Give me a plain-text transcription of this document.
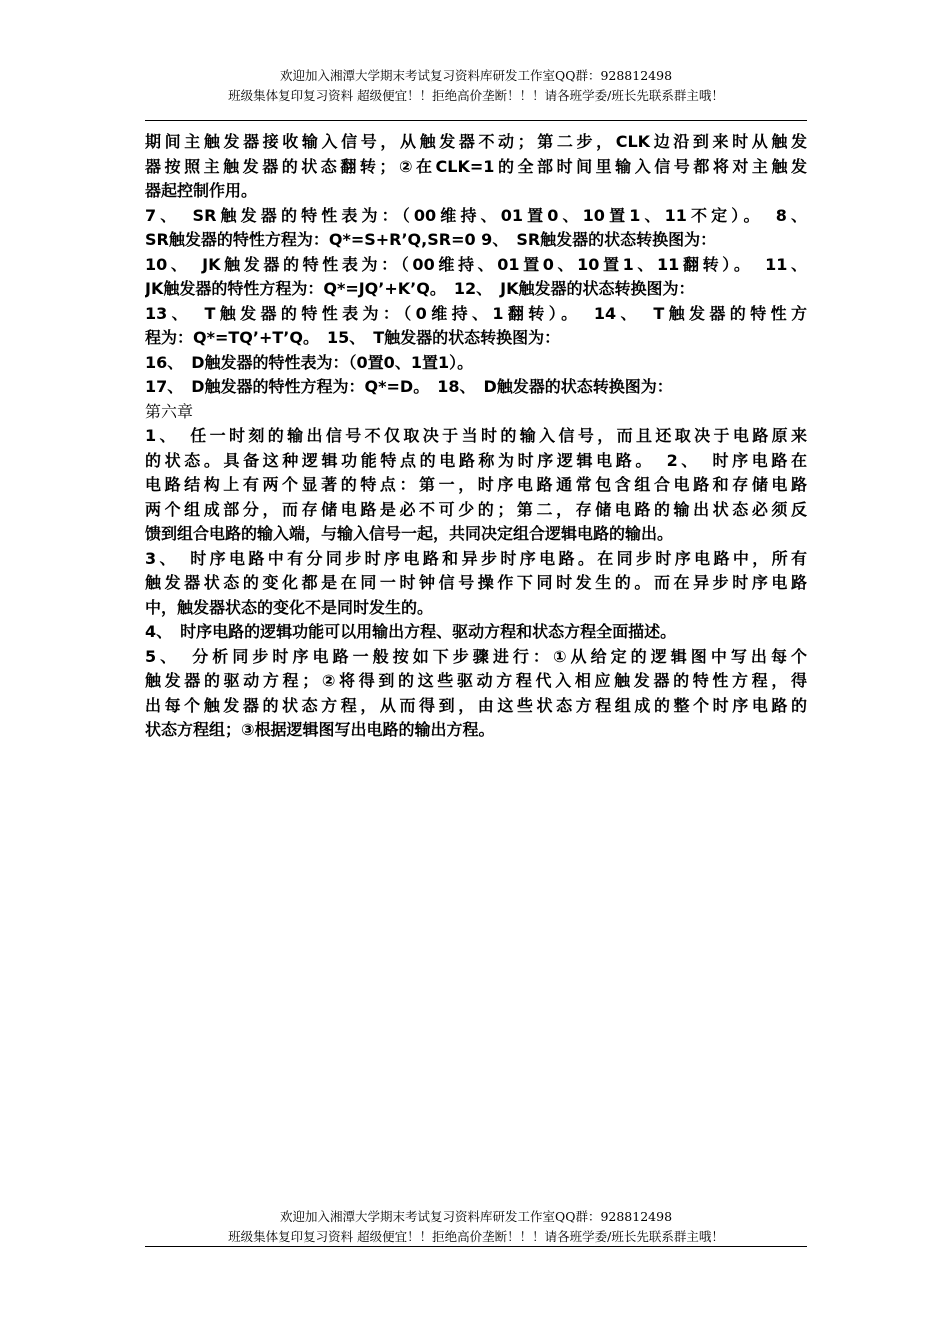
欢迎加入湘潭大学期末考试复习资料库研发工作室QQ群：928812498
班级集体复印复习资料 超级便宜！！拒绝高价垄断！！！请各班学委/班长先联系群主哦！
期间主触发器接收输入信号，从触发器不动；第二步，CLK边沿到来时从触发
器按照主触发器的状态翻转；②在CLK=1的全部时间里输入信号都将对主触发
器起控制作用。
7、　SR触发器的特性表为：（00维持、01置0、10置1、11不定）。　8、
SR触发器的特性方程为：Q*=S+R’Q,SR=0 9、　SR触发器的状态转换图为：
10、　JK触发器的特性表为：（00维持、01置0、10置1、11翻转）。　11、
JK触发器的特性方程为：Q*=JQ’+K’Q。　12、　JK触发器的状态转换图为：
13、　T触发器的特性表为：（0维持、1翻转）。　14、　T触发器的特性方
程为：Q*=TQ’+T’Q。　15、　T触发器的状态转换图为：
16、　D触发器的特性表为：（0置0、1置1）。
17、　D触发器的特性方程为：Q*=D。　18、　D触发器的状态转换图为：
第六章
1、　任一时刻的输出信号不仅取决于当时的输入信号，而且还取决于电路原来
的状态。具备这种逻辑功能特点的电路称为时序逻辑电路。　2、　时序电路在
电路结构上有两个显著的特点：第一，时序电路通常包含组合电路和存储电路
两个组成部分，而存储电路是必不可少的；第二，存储电路的输出状态必须反
馈到组合电路的输入端，与输入信号一起，共同决定组合逻辑电路的输出。
3、　时序电路中有分同步时序电路和异步时序电路。在同步时序电路中，所有
触发器状态的变化都是在同一时钟信号操作下同时发生的。而在异步时序电路
中，触发器状态的变化不是同时发生的。
4、　时序电路的逻辑功能可以用输出方程、驱动方程和状态方程全面描述。
5、　分析同步时序电路一般按如下步骤进行：①从给定的逻辑图中写出每个
触发器的驱动方程；②将得到的这些驱动方程代入相应触发器的特性方程，得
出每个触发器的状态方程，从而得到，由这些状态方程组成的整个时序电路的
状态方程组；③根据逻辑图写出电路的输出方程。
欢迎加入湘潭大学期末考试复习资料库研发工作室QQ群：928812498
班级集体复印复习资料 超级便宜！！拒绝高价垄断！！！请各班学委/班长先联系群主哦！
